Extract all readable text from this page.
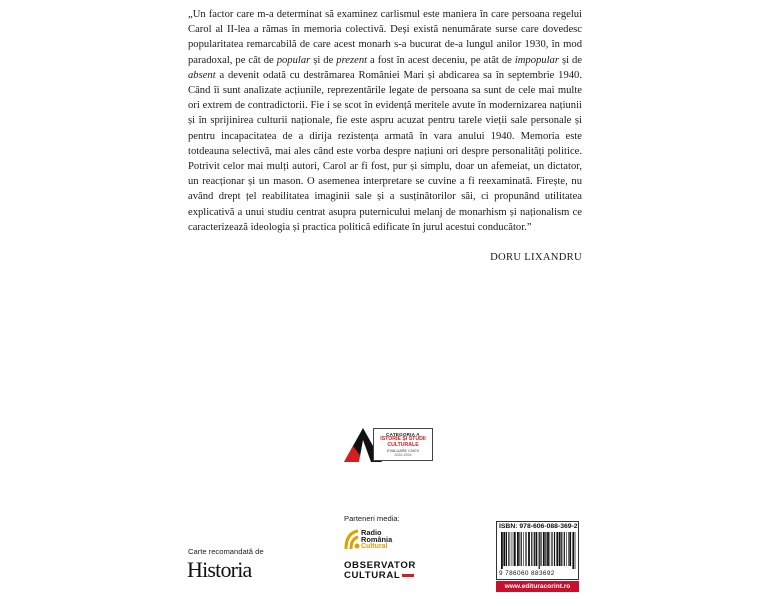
„Un factor care m-a determinat să examinez carlismul este maniera în care persoana regelui Carol al II-lea a rămas în memoria colectivă. Deși există nenumărate surse care dovedesc popularitatea remarcabilă de care acest monarh s-a bucurat de-a lungul anilor 1930, în mod paradoxal, pe cât de popular și de prezent a fost în acest deceniu, pe atât de impopular și de absent a devenit odată cu destrămarea României Mari și abdicarea sa în septembrie 1940. Când îi sunt analizate acțiunile, reprezentările legate de persoana sa sunt de cele mai multe ori extrem de contradictorii. Fie i se scot în evidență meritele avute în modernizarea națiunii și în sprijinirea culturii naționale, fie este aspru acuzat pentru tarele vieții sale personale și pentru incapacitatea de a dirija rezistența armată în vara anului 1940. Memoria este totdeauna selectivă, mai ales când este vorba despre națiuni ori despre personalități politice. Potrivit celor mai mulți autori, Carol ar fi fost, pur și simplu, doar un afemeiat, un dictator, un reacționar și un mason. O asemenea interpretare se cuvine a fi reexaminată. Firește, nu având drept țel reabilitatea imaginii sale și a susținătorilor săi, ci propunând utilitatea explicativă a unui studiu centrat asupra puternicului melanj de monarhism și naționalism ce caracterizează ideologia și practica politică edificate în jurul acestui conducător.”

DORU LIXANDRU
CATEGORIA A
ISTORIE ȘI STUDII CULTURALE
EVALUARE CNCS
2020-2024
Carte recomandată de
Historia
Parteneri media:
Radio
România
Cultural
OBSERVATOR
CULTURAL
ISBN: 978-606-088-369-2
9 786060 883692
www.edituracorint.ro
